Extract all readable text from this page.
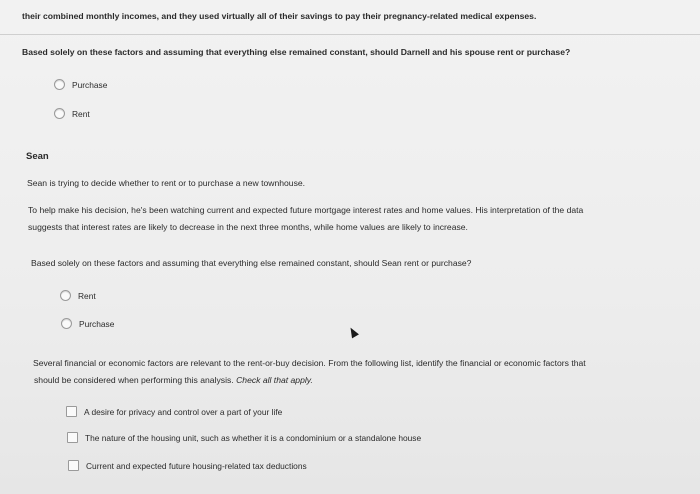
their combined monthly incomes, and they used virtually all of their savings to pay their pregnancy-related medical expenses.
Based solely on these factors and assuming that everything else remained constant, should Darnell and his spouse rent or purchase?
Purchase
Rent
Sean
Sean is trying to decide whether to rent or to purchase a new townhouse.
To help make his decision, he's been watching current and expected future mortgage interest rates and home values. His interpretation of the data
suggests that interest rates are likely to decrease in the next three months, while home values are likely to increase.
Based solely on these factors and assuming that everything else remained constant, should Sean rent or purchase?
Rent
Purchase
Several financial or economic factors are relevant to the rent-or-buy decision. From the following list, identify the financial or economic factors that
should be considered when performing this analysis. Check all that apply.
A desire for privacy and control over a part of your life
The nature of the housing unit, such as whether it is a condominium or a standalone house
Current and expected future housing-related tax deductions
